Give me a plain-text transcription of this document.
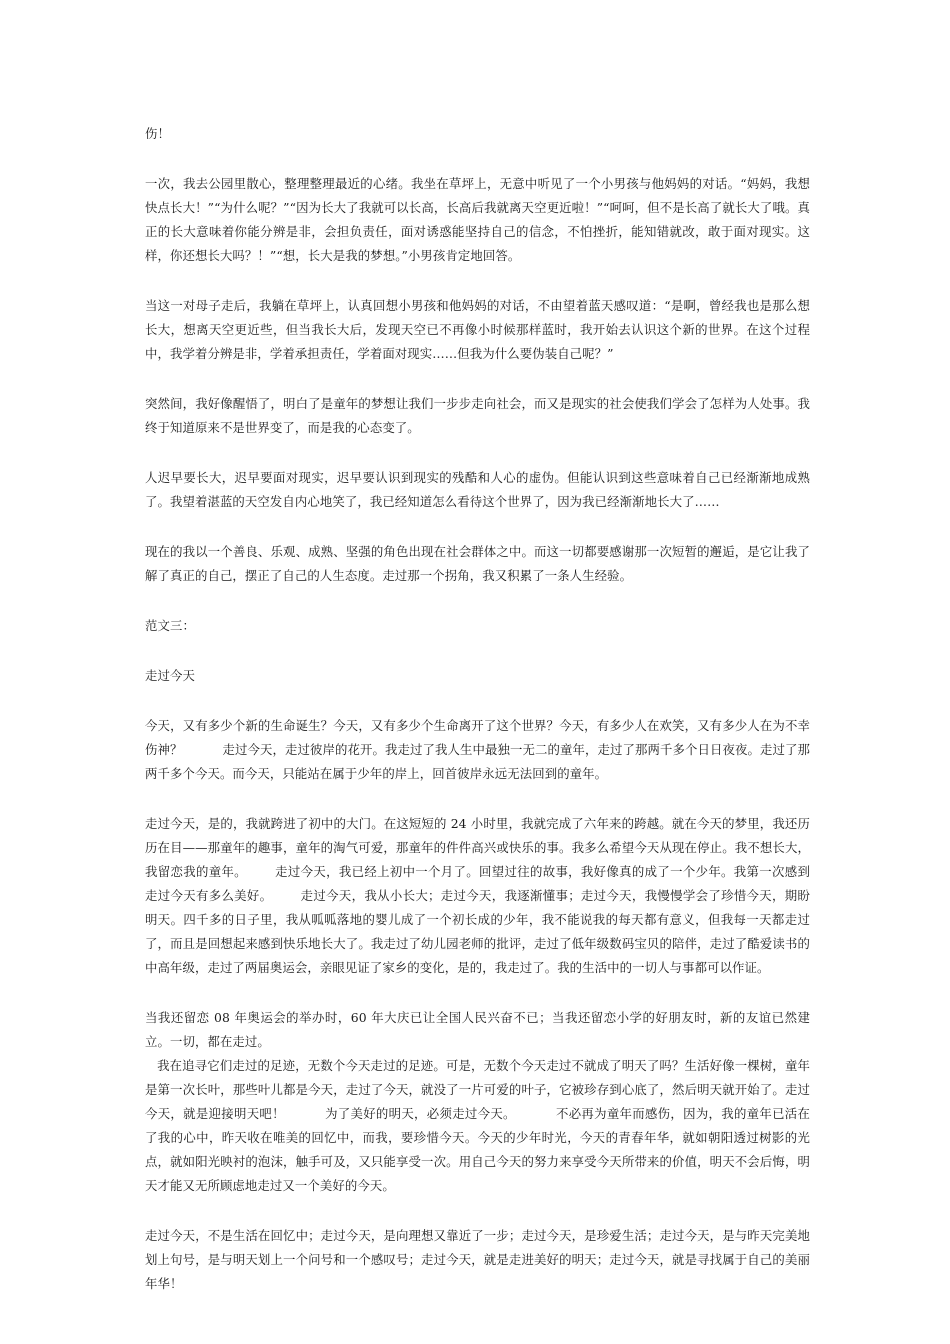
伤！

一次，我去公园里散心，整理整理最近的心绪。我坐在草坪上，无意中听见了一个小男孩与他妈妈的对话。“妈妈，我想快点长大！”“为什么呢？”“因为长大了我就可以长高，长高后我就离天空更近啦！”“呵呵，但不是长高了就长大了哦。真正的长大意味着你能分辨是非，会担负责任，面对诱惑能坚持自己的信念，不怕挫折，能知错就改，敢于面对现实。这样，你还想长大吗？！”“想，长大是我的梦想。”小男孩肯定地回答。

当这一对母子走后，我躺在草坪上，认真回想小男孩和他妈妈的对话，不由望着蓝天感叹道：“是啊，曾经我也是那么想长大，想离天空更近些，但当我长大后，发现天空已不再像小时候那样蓝时，我开始去认识这个新的世界。在这个过程中，我学着分辨是非，学着承担责任，学着面对现实……但我为什么要伪装自己呢？”

突然间，我好像醒悟了，明白了是童年的梦想让我们一步步走向社会，而又是现实的社会使我们学会了怎样为人处事。我终于知道原来不是世界变了，而是我的心态变了。

人迟早要长大，迟早要面对现实，迟早要认识到现实的残酷和人心的虚伪。但能认识到这些意味着自己已经渐渐地成熟了。我望着湛蓝的天空发自内心地笑了，我已经知道怎么看待这个世界了，因为我已经渐渐地长大了……

现在的我以一个善良、乐观、成熟、坚强的角色出现在社会群体之中。而这一切都要感谢那一次短暂的邂逅，是它让我了解了真正的自己，摆正了自己的人生态度。走过那一个拐角，我又积累了一条人生经验。

范文三：

走过今天

今天，又有多少个新的生命诞生？今天，又有多少个生命离开了这个世界？今天，有多少人在欢笑，又有多少人在为不幸伤神？	走过今天，走过彼岸的花开。我走过了我人生中最独一无二的童年，走过了那两千多个日日夜夜。走过了那两千多个今天。而今天，只能站在属于少年的岸上，回首彼岸永远无法回到的童年。

走过今天，是的，我就跨进了初中的大门。在这短短的 24 小时里，我就完成了六年来的跨越。就在今天的梦里，我还历历在目——那童年的趣事，童年的淘气可爱，那童年的件件高兴或快乐的事。我多么希望今天从现在停止。我不想长大，我留恋我的童年。 走过今天，我已经上初中一个月了。回望过往的故事，我好像真的成了一个少年。我第一次感到走过今天有多么美好。 走过今天，我从小长大；走过今天，我逐渐懂事；走过今天，我慢慢学会了珍惜今天，期盼明天。四千多的日子里，我从呱呱落地的婴儿成了一个初长成的少年，我不能说我的每天都有意义，但我每一天都走过了，而且是回想起来感到快乐地长大了。我走过了幼儿园老师的批评，走过了低年级数码宝贝的陪伴，走过了酷爱读书的中高年级，走过了两届奥运会，亲眼见证了家乡的变化，是的，我走过了。我的生活中的一切人与事都可以作证。

当我还留恋 08 年奥运会的举办时，60 年大庆已让全国人民兴奋不已；当我还留恋小学的好朋友时，新的友谊已然建立。一切，都在走过。
我在追寻它们走过的足迹，无数个今天走过的足迹。可是，无数个今天走过不就成了明天了吗？生活好像一棵树，童年是第一次长叶，那些叶儿都是今天，走过了今天，就没了一片可爱的叶子，它被珍存到心底了，然后明天就开始了。走过今天，就是迎接明天吧！	为了美好的明天，必须走过今天。	不必再为童年而感伤，因为，我的童年已活在了我的心中，昨天收在唯美的回忆中，而我，要珍惜今天。今天的少年时光，今天的青春年华，就如朝阳透过树影的光点，就如阳光映衬的泡沫，触手可及，又只能享受一次。用自己今天的努力来享受今天所带来的价值，明天不会后悔，明天才能又无所顾虑地走过又一个美好的今天。

走过今天，不是生活在回忆中；走过今天，是向理想又靠近了一步；走过今天，是珍爱生活；走过今天，是与昨天完美地划上句号，是与明天划上一个问号和一个感叹号；走过今天，就是走进美好的明天；走过今天，就是寻找属于自己的美丽年华！
